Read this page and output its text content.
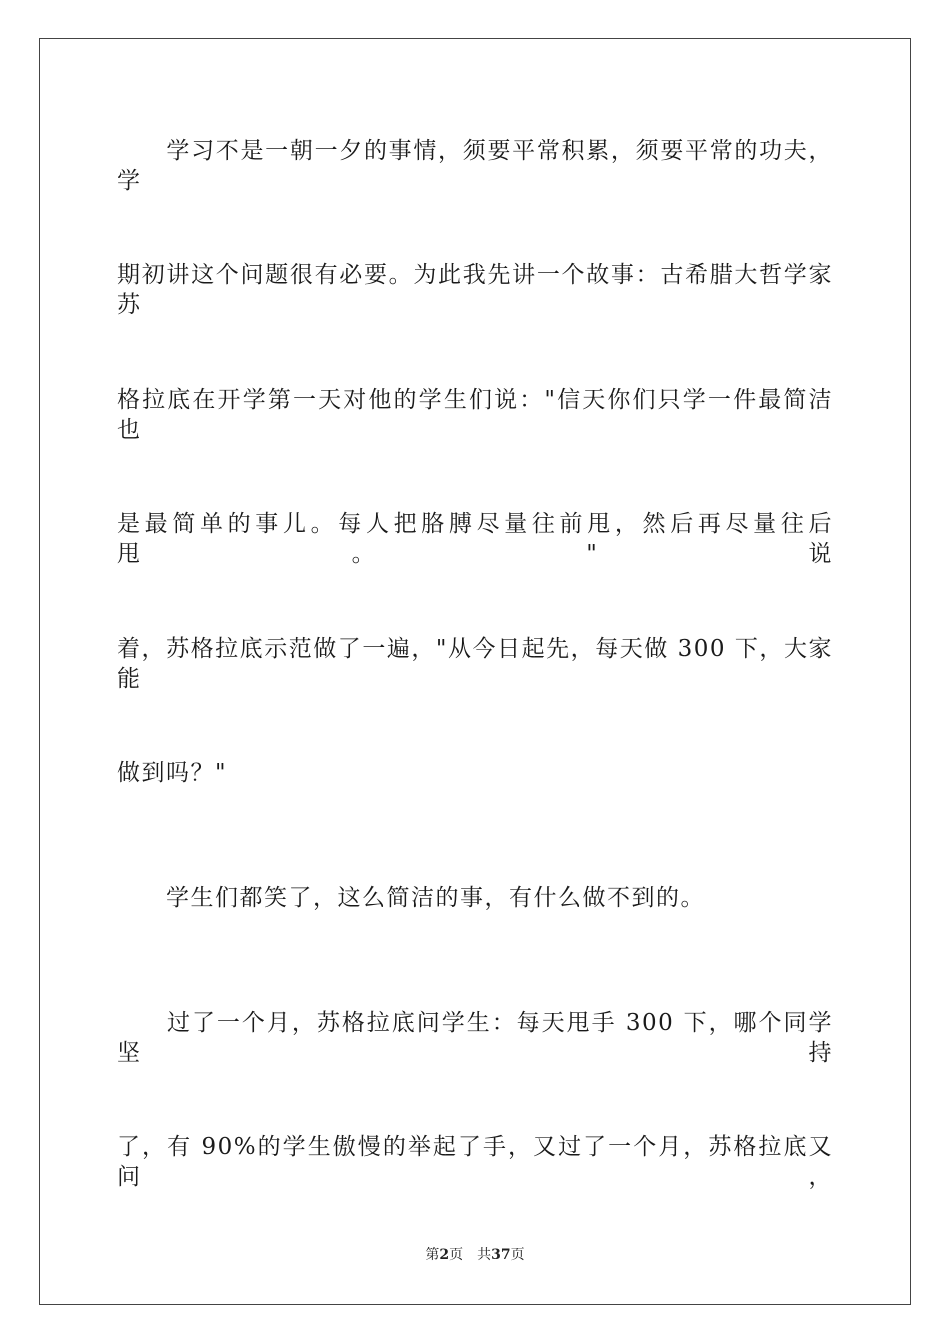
　　学习不是一朝一夕的事情，须要平常积累，须要平常的功夫，学
期初讲这个问题很有必要。为此我先讲一个故事：古希腊大哲学家苏
格拉底在开学第一天对他的学生们说："信天你们只学一件最简洁也
是最简单的事儿。每人把胳膊尽量往前甩，然后再尽量往后甩。"说
着，苏格拉底示范做了一遍，"从今日起先，每天做 300 下，大家能
做到吗？"
　　学生们都笑了，这么简洁的事，有什么做不到的。
　　过了一个月，苏格拉底问学生：每天甩手 300 下，哪个同学坚持
了，有 90%的学生傲慢的举起了手，又过了一个月，苏格拉底又问，
第2页 共37页
